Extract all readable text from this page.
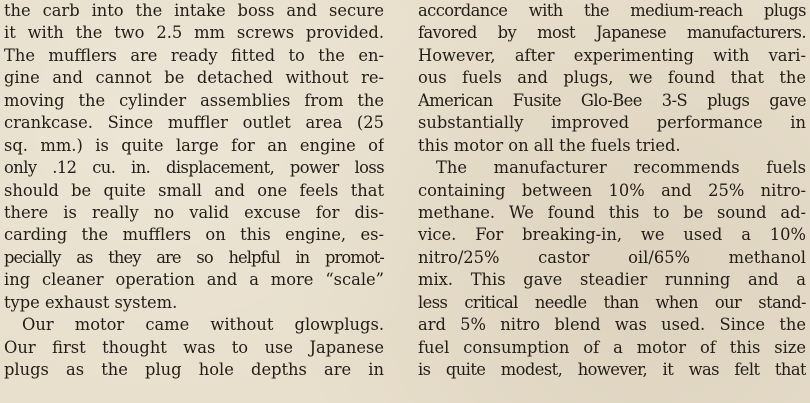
the carb into the intake boss and secure
it with the two 2.5 mm screws provided.
The mufflers are ready fitted to the en-
gine and cannot be detached without re-
moving the cylinder assemblies from the
crankcase. Since muffler outlet area (25
sq. mm.) is quite large for an engine of
only .12 cu. in. displacement, power loss
should be quite small and one feels that
there is really no valid excuse for dis-
carding the mufflers on this engine, es-
pecially as they are so helpful in promot-
ing cleaner operation and a more “scale”
type exhaust system.
Our motor came without glowplugs.
Our first thought was to use Japanese
plugs as the plug hole depths are in
accordance with the medium-reach plugs
favored by most Japanese manufacturers.
However, after experimenting with vari-
ous fuels and plugs, we found that the
American Fusite Glo-Bee 3-S plugs gave
substantially improved performance in
this motor on all the fuels tried.
The manufacturer recommends fuels
containing between 10% and 25% nitro-
methane. We found this to be sound ad-
vice. For breaking-in, we used a 10%
nitro/25% castor oil/65% methanol
mix. This gave steadier running and a
less critical needle than when our stand-
ard 5% nitro blend was used. Since the
fuel consumption of a motor of this size
is quite modest, however, it was felt that
